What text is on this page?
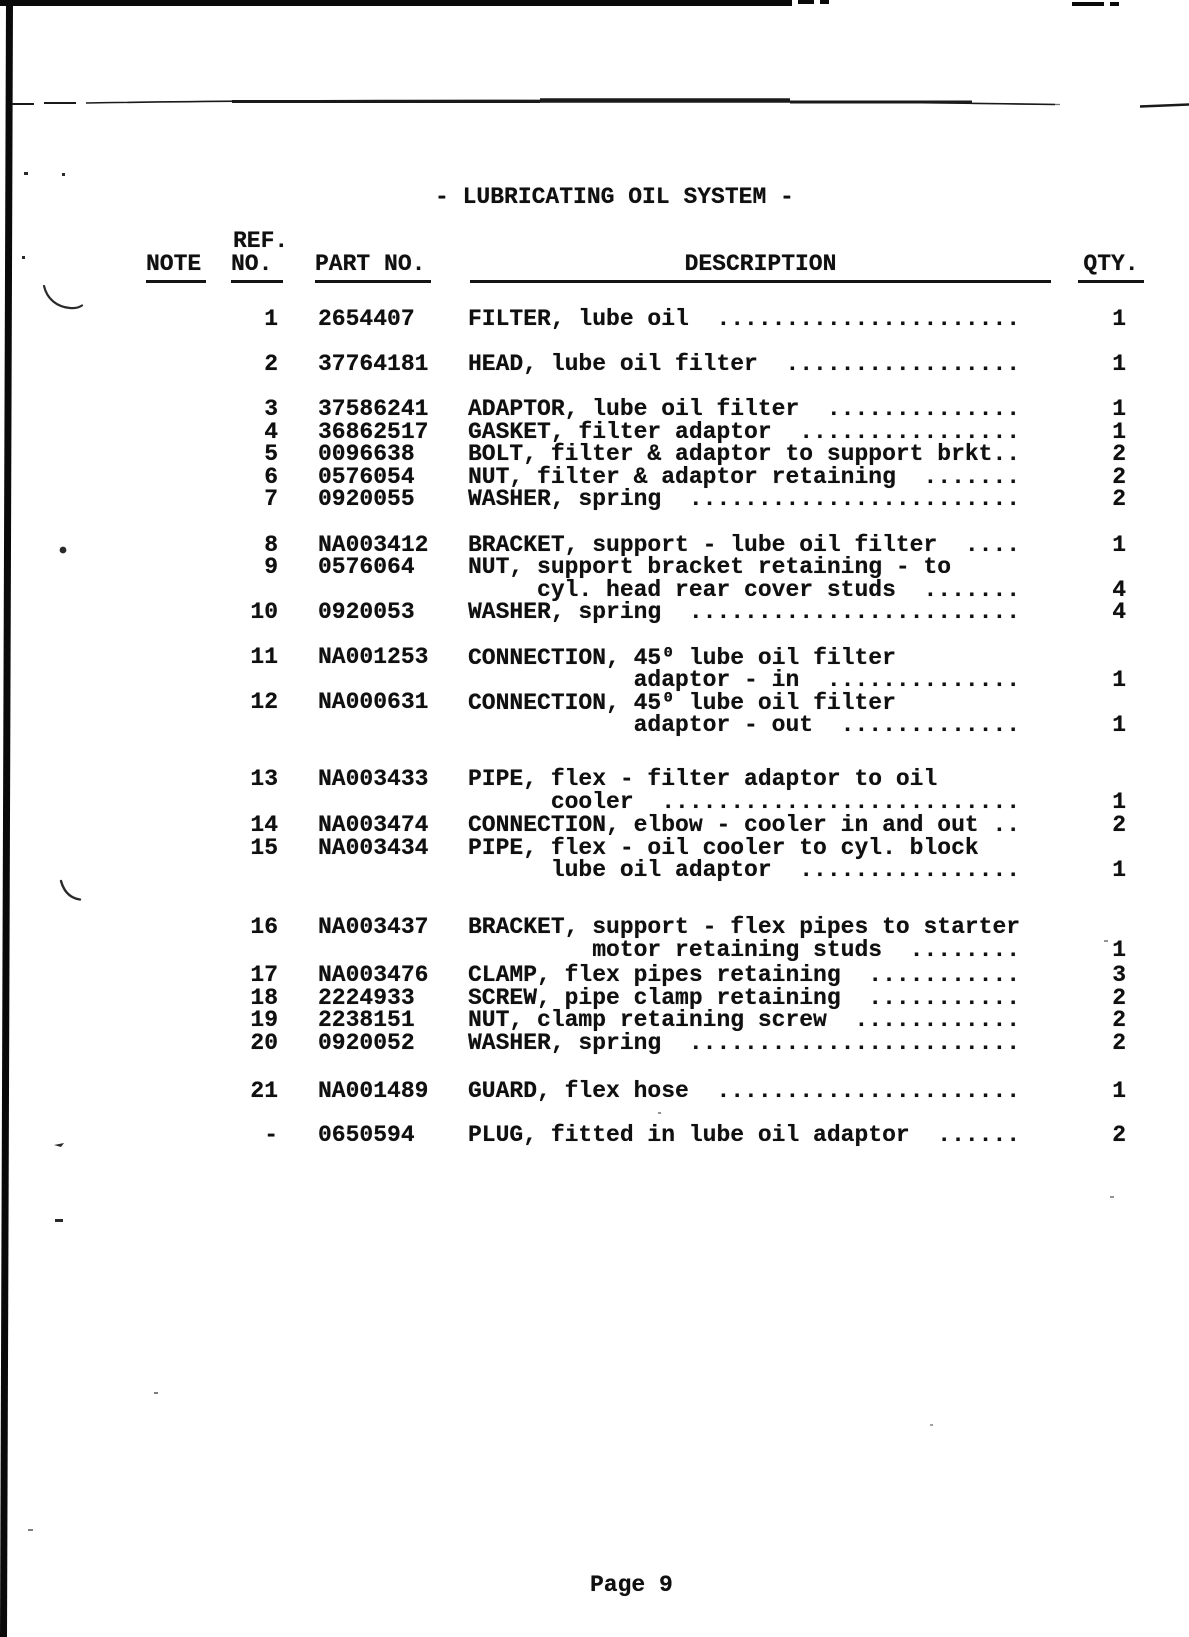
- LUBRICATING OIL SYSTEM -
REF.
NOTE NO.	PART NO.	DESCRIPTION	QTY.
1 2654407 FILTER, lube oil  ......................	1
2 37764181 HEAD, lube oil filter  .................	1
3 37586241 ADAPTOR, lube oil filter  ..............	1
4 36862517 GASKET, filter adaptor  ................	1
5 0096638 BOLT, filter & adaptor to support brkt..	2
6 0576054 NUT, filter & adaptor retaining  .......	2
7 0920055 WASHER, spring  ........................	2
8 NA003412 BRACKET, support - lube oil filter  ....	1
9 0576064 NUT, support bracket retaining - to
cyl. head rear cover studs  .......	4
10 0920053 WASHER, spring  ........................	4
11 NA001253 CONNECTION, 45⁰ lube oil filter
adaptor - in  ..............	1
12 NA000631 CONNECTION, 45⁰ lube oil filter
adaptor - out  .............	1
13 NA003433 PIPE, flex - filter adaptor to oil
cooler  ..........................	1
14 NA003474 CONNECTION, elbow - cooler in and out ..	2
15 NA003434 PIPE, flex - oil cooler to cyl. block
lube oil adaptor  ................	1
16 NA003437 BRACKET, support - flex pipes to starter
motor retaining studs  ........	1
17 NA003476 CLAMP, flex pipes retaining  ...........	3
18 2224933 SCREW, pipe clamp retaining  ...........	2
19 2238151 NUT, clamp retaining screw  ............	2
20 0920052 WASHER, spring  ........................	2
21 NA001489 GUARD, flex hose  ......................	1
- 0650594 PLUG, fitted in lube oil adaptor  ......	2
Page 9
